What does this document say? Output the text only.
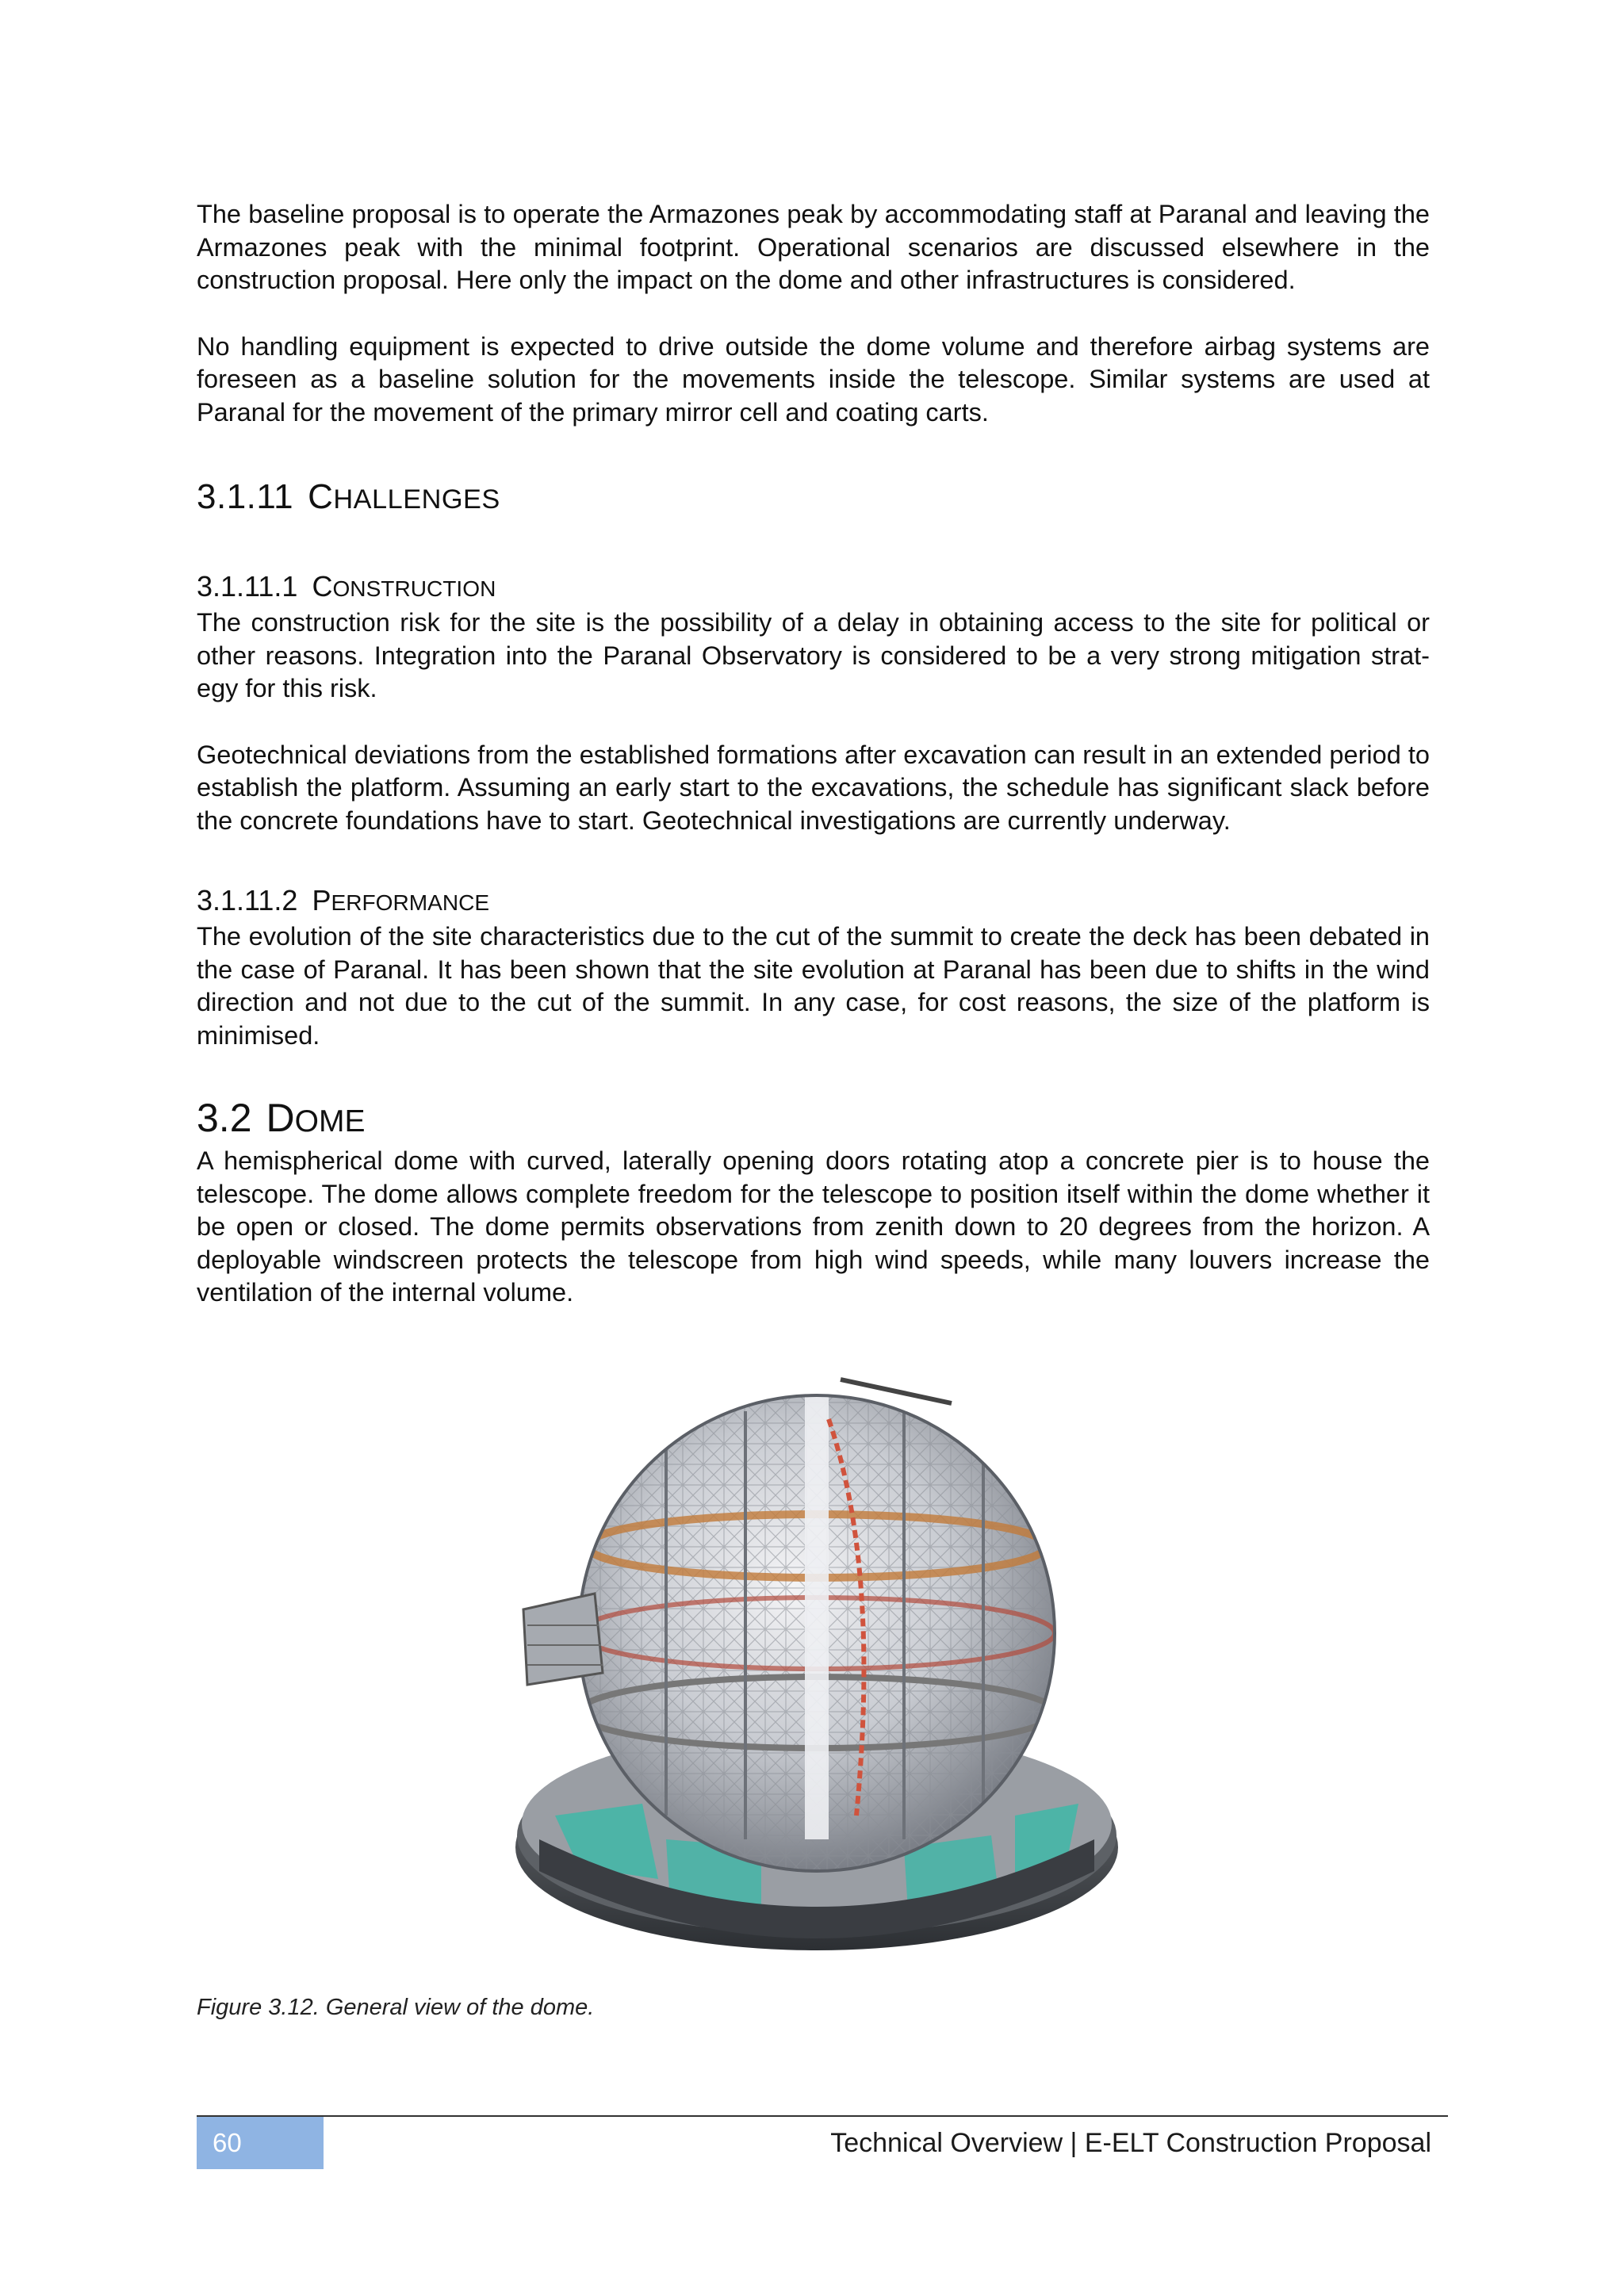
The baseline proposal is to operate the Armazones peak by accommodating staff at Paranal and leaving the Armazones peak with the minimal footprint. Operational scenarios are discussed elsewhere in the construction proposal. Here only the impact on the dome and other infrastructures is considered.

No handling equipment is expected to drive outside the dome volume and therefore airbag systems are foreseen as a baseline solution for the movements inside the telescope. Similar systems are used at Paranal for the movement of the primary mirror cell and coating carts.

3.1.11 CHALLENGES
3.1.11.1 CONSTRUCTION

The construction risk for the site is the possibility of a delay in obtaining access to the site for political or other reasons. Integration into the Paranal Observatory is considered to be a very strong mitigation strat-egy for this risk.

Geotechnical deviations from the established formations after excavation can result in an extended period to establish the platform. Assuming an early start to the excavations, the schedule has significant slack before the concrete foundations have to start. Geotechnical investigations are currently underway.

3.1.11.2 PERFORMANCE

The evolution of the site characteristics due to the cut of the summit to create the deck has been debated in the case of Paranal. It has been shown that the site evolution at Paranal has been due to shifts in the wind direction and not due to the cut of the summit. In any case, for cost reasons, the size of the platform is minimised.

3.2 DOME

A hemispherical dome with curved, laterally opening doors rotating atop a concrete pier is to house the telescope. The dome allows complete freedom for the telescope to position itself within the dome whether it be open or closed. The dome permits observations from zenith down to 20 degrees from the horizon. A deployable windscreen protects the telescope from high wind speeds, while many louvers increase the ventilation of the internal volume.

Figure 3.12. General view of the dome.
60	Technical Overview | E-ELT Construction Proposal
